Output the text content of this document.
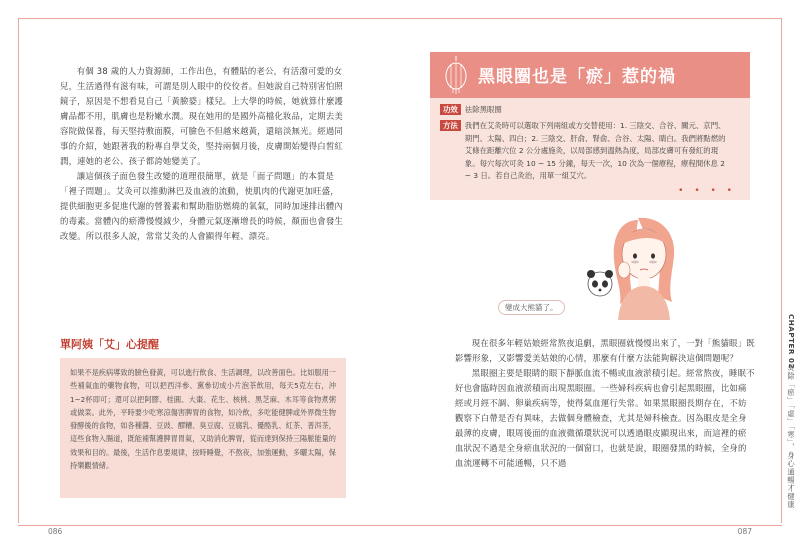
有個 38 歲的人力資源師，工作出色，有體貼的老公，有活潑可愛的女兒，生活過得有滋有味，可謂是別人眼中的佼佼者。但她說自己特別害怕照鏡子，原因是不想看見自己「黃臉婆」樣兒。上大學的時候，她就算什麼護膚品都不用，肌膚也是粉嫩水潤。現在她用的是國外高檔化妝品，定期去美容院做保養，每天堅持敷面膜，可臉色不但越來越黃，還暗淡無光。經過同事的介紹，她跟著我的粉專自學艾灸，堅持兩個月後，皮膚開始變得白皙紅潤，連她的老公、孩子都誇她變美了。

讓這個孩子面色發生改變的道理很簡單，就是「面子問題」的本質是「裡子問題」。艾灸可以推動淋巴及血液的流動，使肌肉的代謝更加旺盛，提供細胞更多促進代謝的營養素和幫助脂肪燃燒的氧氣，同時加速排出體內的毒素。當體內的瘀滯慢慢減少，身體元氣逐漸增長的時候，顏面也會發生改變。所以很多人說，常常艾灸的人會顯得年輕、漂亮。

單阿姨「艾」心提醒
如果不是疾病導致的臉色發黃，可以進行飲食、生活調理，以改善面色。比如服用一些補氣血的藥物食物，可以把西洋參、黨參切成小片泡茶飲用，每天5克左右，沖1~2杯即可；還可以把阿膠、桂圓、大棗、花生、核桃、黑芝麻、木耳等食物煮粥或做菜。此外，平時要少吃寒涼傷害脾胃的食物，如冷飲，多吃能健脾或外界微生物發酵後的食物，如各種醬、豆豉、醪糟、臭豆腐、豆腐乳、優酪乳、紅茶、普洱茶，這些食物入腸道，既能補幫護脾胃胃氣，又助消化脾胃，從而達到保持三陽脈能量的效果和目的。最後，生活作息要規律，按時睡覺，不熬夜，加強運動，多曬太陽，保持樂觀情緒。
086
黑眼圈也是「瘀」惹的禍
功效 祛除黑眼圈
方法 我們在艾灸時可以選取下列兩組或方交替使用：1. 三陰交、合谷、關元、京門、期門、太陽、四白；2. 三陰交、肝俞、腎俞、合谷、太陽、睛白。我們將點燃的艾條在距離穴位 2 公分處施灸，以局部感到溫熱為度，局部皮膚可有發紅的現象。每穴每次可灸 10 ~ 15 分鐘，每天一次，10 次為一個療程，療程間休息 2 ~ 3 日。若自己灸治，用單一組艾穴。
• • • •
變成大熊貓了。

現在很多年輕姑娘經常熬夜追劇，黑眼圈就慢慢出來了，一對「熊貓眼」既影響形象，又影響愛美姑娘的心情，那麼有什麼方法能夠解決這個問題呢？

黑眼圈主要是眼睛的眼下靜脈血流不暢或血液淤積引起。經常熬夜，睡眠不好也會臨時因血液淤積而出現黑眼圈。一些婦科疾病也會引起黑眼圈，比如痛經或月經不調、卵巢疾病等，使得氣血運行失常。如果黑眼圈長期存在，不妨觀察下白帶是否有異味，去做個身體檢查，尤其是婦科檢查。因為眼皮是全身最薄的皮膚，眼周後面的血液微循環狀況可以透過眼皮顯現出來，而這裡的瘀血狀況不過是全身瘀血狀況的一個窗口，也就是說，眼圈發黑的時候，全身的血流運轉不可能通暢，只不過

CHAPTER 02
灸除「瘀」「虛」「寒」，身心通暢才健康
087
